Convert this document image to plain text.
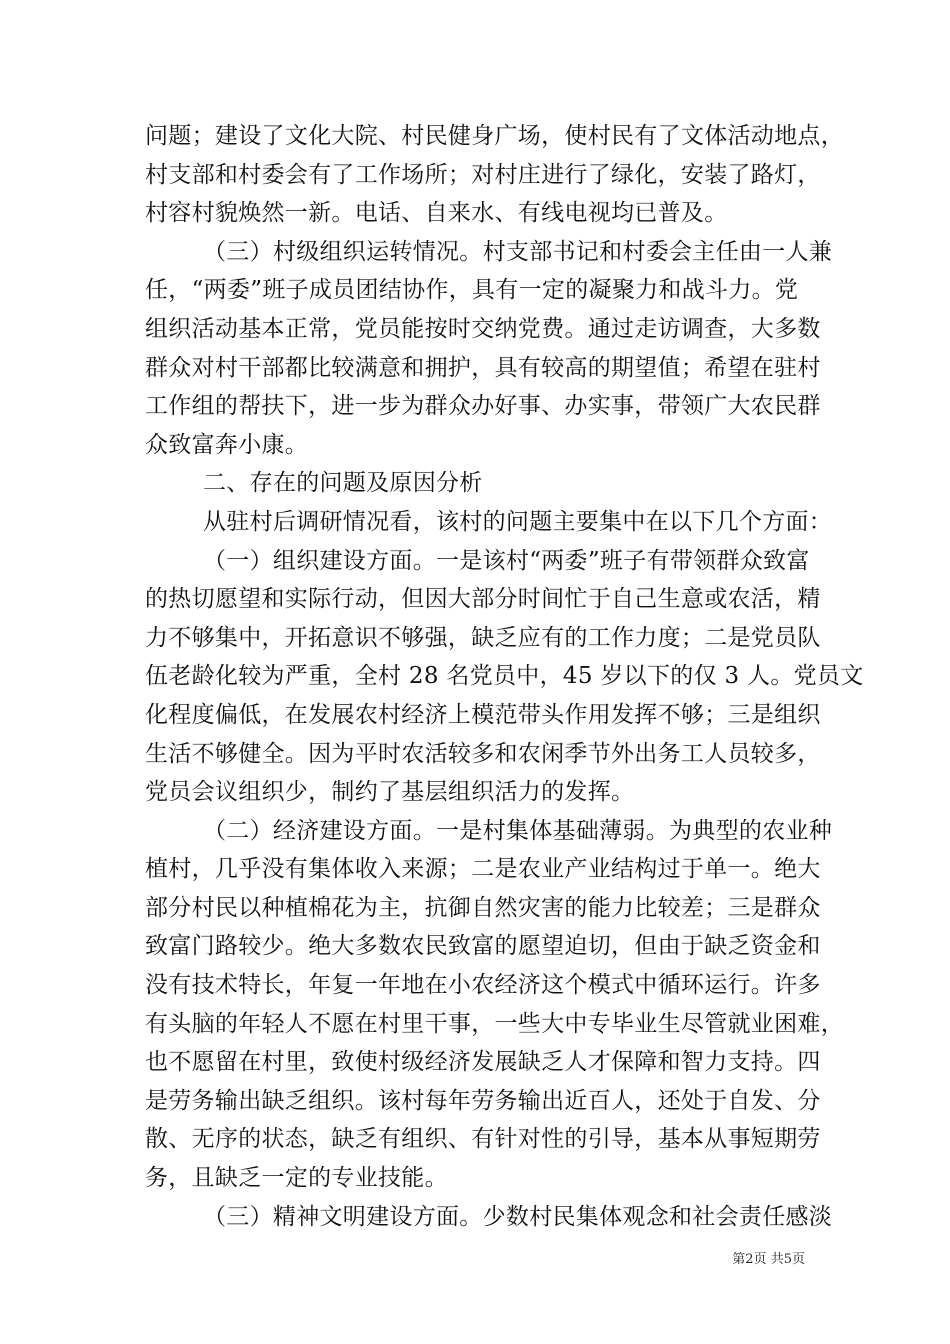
问题；建设了文化大院、村民健身广场，使村民有了文体活动地点，
村支部和村委会有了工作场所；对村庄进行了绿化，安装了路灯，
村容村貌焕然一新。电话、自来水、有线电视均已普及。
（三）村级组织运转情况。村支部书记和村委会主任由一人兼
任，“两委”班子成员团结协作，具有一定的凝聚力和战斗力。党
组织活动基本正常，党员能按时交纳党费。通过走访调查，大多数
群众对村干部都比较满意和拥护，具有较高的期望值；希望在驻村
工作组的帮扶下，进一步为群众办好事、办实事，带领广大农民群
众致富奔小康。
二、存在的问题及原因分析
从驻村后调研情况看，该村的问题主要集中在以下几个方面：
（一）组织建设方面。一是该村“两委”班子有带领群众致富
的热切愿望和实际行动，但因大部分时间忙于自己生意或农活，精
力不够集中，开拓意识不够强，缺乏应有的工作力度；二是党员队
伍老龄化较为严重，全村 28 名党员中，45 岁以下的仅 3 人。党员文
化程度偏低，在发展农村经济上模范带头作用发挥不够；三是组织
生活不够健全。因为平时农活较多和农闲季节外出务工人员较多，
党员会议组织少，制约了基层组织活力的发挥。
（二）经济建设方面。一是村集体基础薄弱。为典型的农业种
植村，几乎没有集体收入来源；二是农业产业结构过于单一。绝大
部分村民以种植棉花为主，抗御自然灾害的能力比较差；三是群众
致富门路较少。绝大多数农民致富的愿望迫切，但由于缺乏资金和
没有技术特长，年复一年地在小农经济这个模式中循环运行。许多
有头脑的年轻人不愿在村里干事，一些大中专毕业生尽管就业困难，
也不愿留在村里，致使村级经济发展缺乏人才保障和智力支持。四
是劳务输出缺乏组织。该村每年劳务输出近百人，还处于自发、分
散、无序的状态，缺乏有组织、有针对性的引导，基本从事短期劳
务，且缺乏一定的专业技能。
（三）精神文明建设方面。少数村民集体观念和社会责任感淡
第2页 共5页
